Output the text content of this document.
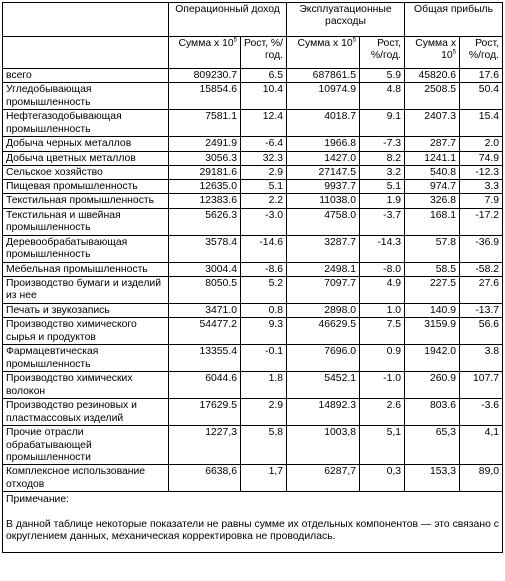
	Операционный доход		Эксплуатационные расходы		Общая прибыль	
	Сумма х $10^5$	Рост, %/год.	Сумма х $10^5$	Рост, %/год.	Сумма х $10^5$	Рост, %/год.
всего	809230.7	6.5	687861.5	5.9	45820.6	17.6
Угледобывающая промышленность	15854.6	10.4	10974.9	4.8	2508.5	50.4
Нефтегазодобывающая промышленность	7581.1	12.4	4018.7	9.1	2407.3	15.4
Добыча черных металлов	2491.9	-6.4	1966.8	-7.3	287.7	2.0
Добыча цветных металлов	3056.3	32.3	1427.0	8.2	1241.1	74.9
Сельское хозяйство	29181.6	2.9	27147.5	3.2	540.8	-12.3
Пищевая промышленность	12635.0	5.1	9937.7	5.1	974.7	3.3
Текстильная промышленность	12383.6	2.2	11038.0	1.9	326.8	7.9
Текстильная и швейная промышленность	5626.3	-3.0	4758.0	-3.7	168.1	-17.2
Деревообрабатывающая промышленность	3578.4	-14.6	3287.7	-14.3	57.8	-36.9
Мебельная промышленность	3004.4	-8.6	2498.1	-8.0	58.5	-58.2
Производство бумаги и изделий из нее	8050.5	5.2	7097.7	4.9	227.5	27.6
Печать и звукозапись	3471.0	0.8	2898.0	1.0	140.9	-13.7
Производство химического сырья и продуктов	54477.2	9.3	46629.5	7.5	3159.9	56.6
Фармацевтическая промышленность	13355.4	-0.1	7696.0	0.9	1942.0	3.8
Производство химических волокон	6044.6	1.8	5452.1	-1.0	260.9	107.7
Производство резиновых и пластмассовых изделий	17629.5	2.9	14892.3	2.6	803.6	-3.6
Прочие отрасли обрабатывающей промышленности	1227,3	5,8	1003,8	5,1	65,3	4,1
Комплексное использование отходов	6638,6	1,7	6287,7	0,3	153,3	89,0

Примечание:
В данной таблице некоторые показатели не равны сумме их отдельных компонентов — это связано с округлением данных, механическая корректировка не проводилась.						
